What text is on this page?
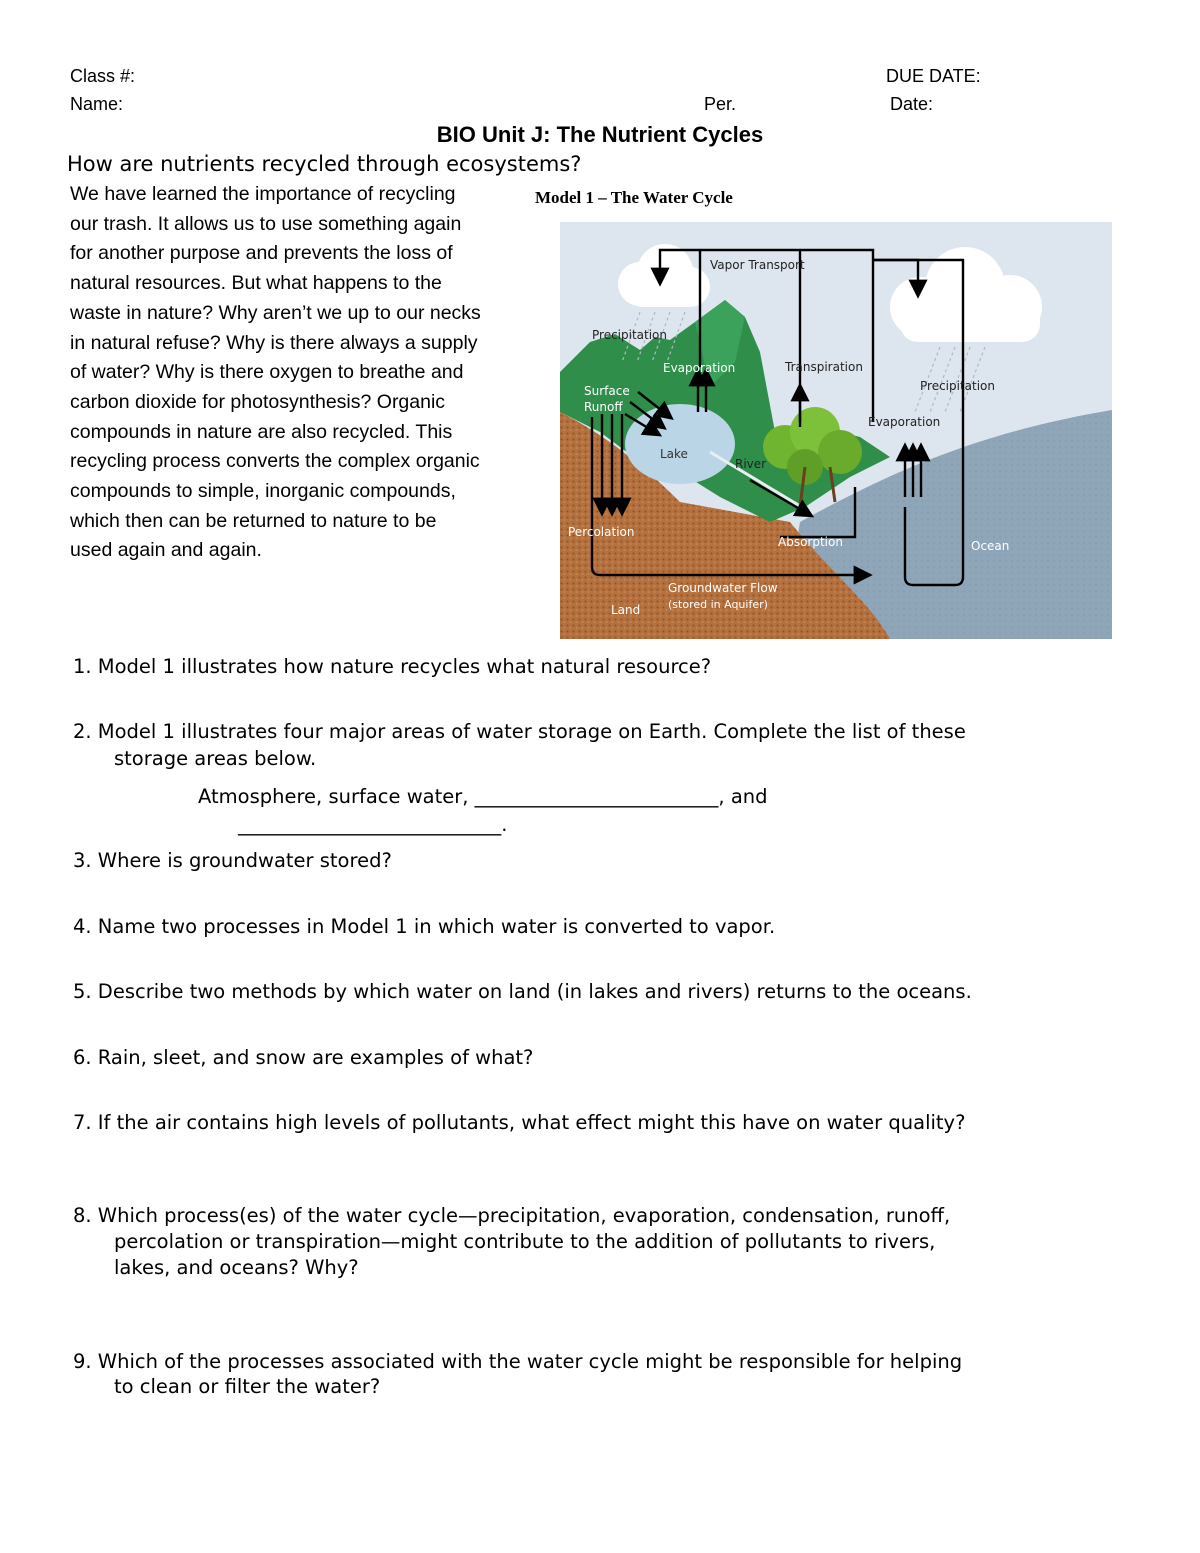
Class #:	DUE DATE:
Name:	Per.	Date:
BIO Unit J: The Nutrient Cycles
How are nutrients recycled through ecosystems?
We have learned the importance of recycling
our trash. It allows us to use something again
for another purpose and prevents the loss of
natural resources. But what happens to the
waste in nature? Why aren’t we up to our necks
in natural refuse? Why is there always a supply
of water? Why is there oxygen to breathe and
carbon dioxide for photosynthesis? Organic
compounds in nature are also recycled. This
recycling process converts the complex organic
compounds to simple, inorganic compounds,
which then can be returned to nature to be
used again and again.
Model 1 – The Water Cycle
Vapor Transport
Precipitation
Evaporation	Transpiration
Precipitation
Surface
Runoff
Evaporation
Lake
River
Percolation
Absorption	Ocean
Groundwater Flow
(stored in Aquifer)
Land
1. Model 1 illustrates how nature recycles what natural resource?
2. Model 1 illustrates four major areas of water storage on Earth. Complete the list of these
storage areas below.
Atmosphere, surface water, _________________________, and
___________________________.
3. Where is groundwater stored?
4. Name two processes in Model 1 in which water is converted to vapor.
5. Describe two methods by which water on land (in lakes and rivers) returns to the oceans.
6. Rain, sleet, and snow are examples of what?
7. If the air contains high levels of pollutants, what effect might this have on water quality?
8. Which process(es) of the water cycle—precipitation, evaporation, condensation, runoff,
percolation or transpiration—might contribute to the addition of pollutants to rivers,
lakes, and oceans? Why?
9. Which of the processes associated with the water cycle might be responsible for helping
to clean or filter the water?
